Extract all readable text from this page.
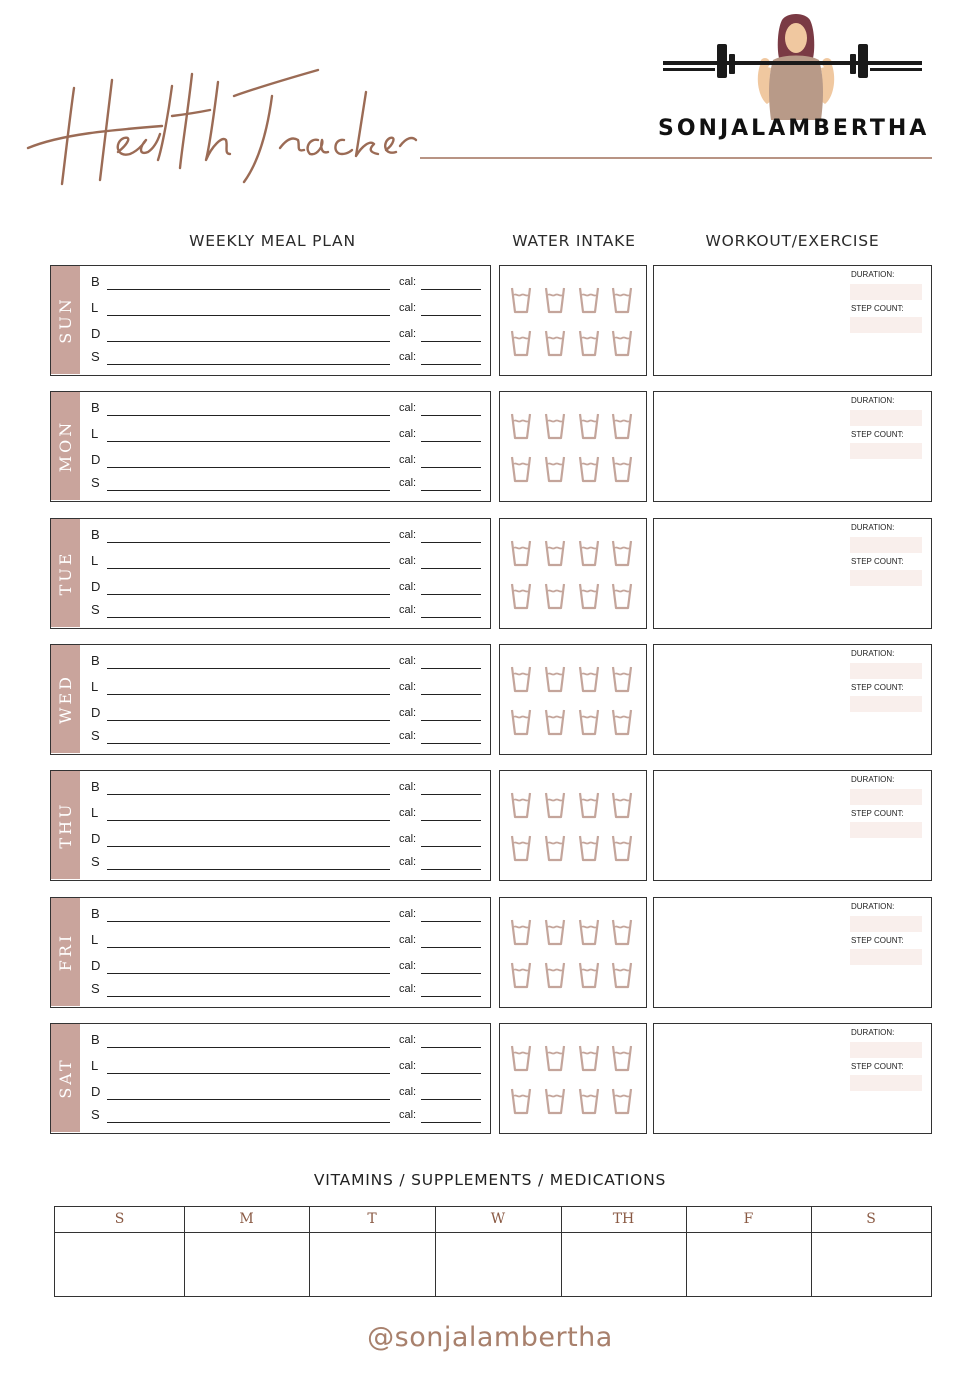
SONJALAMBERTHA
WEEKLY MEAL PLAN	WATER INTAKE	WORKOUT/EXERCISE
SUN
B	cal:
L	cal:
D	cal:
S	cal:
DURATION:
STEP COUNT:
MON
B	cal:
L	cal:
D	cal:
S	cal:
DURATION:
STEP COUNT:
TUE
B	cal:
L	cal:
D	cal:
S	cal:
DURATION:
STEP COUNT:
WED
B	cal:
L	cal:
D	cal:
S	cal:
DURATION:
STEP COUNT:
THU
B	cal:
L	cal:
D	cal:
S	cal:
DURATION:
STEP COUNT:
FRI
B	cal:
L	cal:
D	cal:
S	cal:
DURATION:
STEP COUNT:
SAT
B	cal:
L	cal:
D	cal:
S	cal:
DURATION:
STEP COUNT:
VITAMINS / SUPPLEMENTS / MEDICATIONS
S	M	T	W	TH	F	S
@sonjalambertha
